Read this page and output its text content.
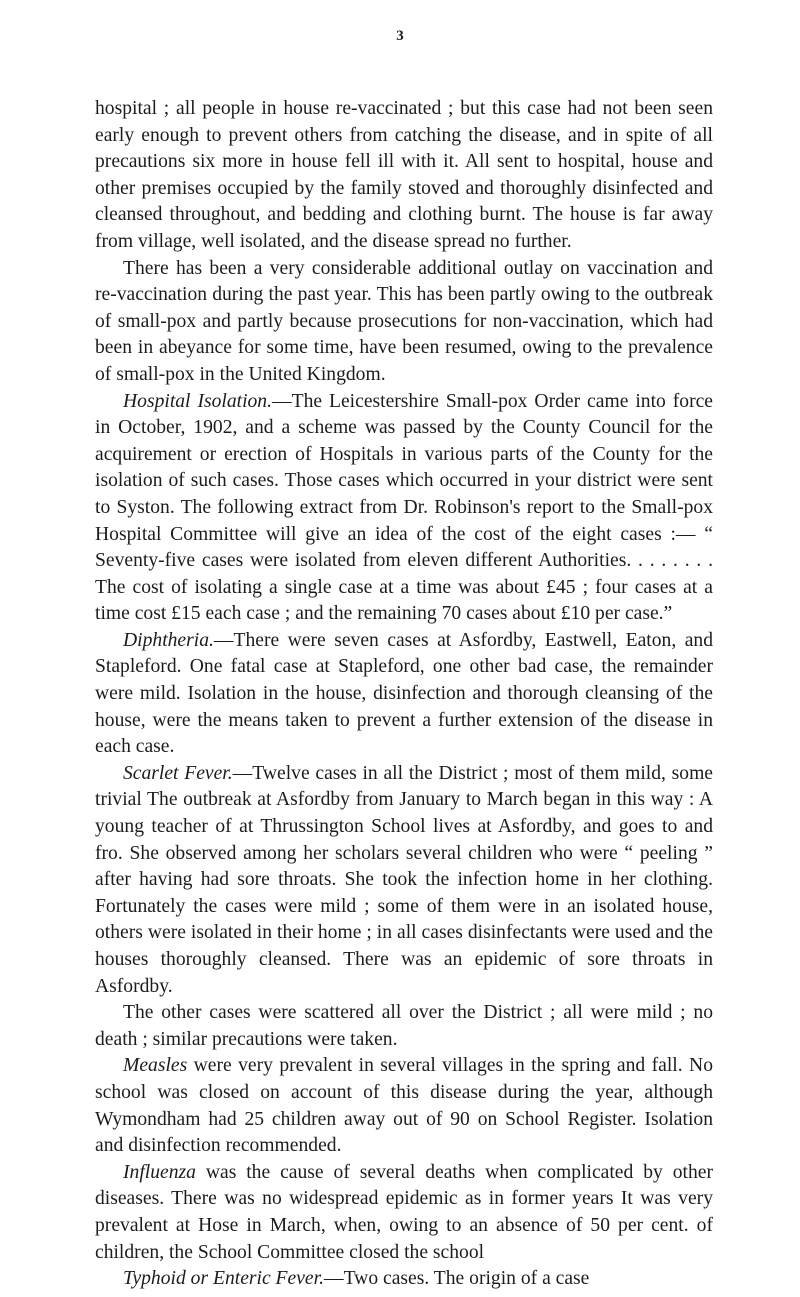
3

hospital ; all people in house re-vaccinated ; but this case had not been seen early enough to prevent others from catching the disease, and in spite of all precautions six more in house fell ill with it. All sent to hospital, house and other premises occupied by the family stoved and thoroughly disinfected and cleansed throughout, and bedding and clothing burnt. The house is far away from village, well isolated, and the disease spread no further.

There has been a very considerable additional outlay on vaccination and re-vaccination during the past year. This has been partly owing to the outbreak of small-pox and partly because prosecutions for non-vaccination, which had been in abeyance for some time, have been resumed, owing to the prevalence of small-pox in the United Kingdom.

Hospital Isolation.—The Leicestershire Small-pox Order came into force in October, 1902, and a scheme was passed by the County Council for the acquirement or erection of Hospitals in various parts of the County for the isolation of such cases. Those cases which occurred in your district were sent to Syston. The following extract from Dr. Robinson's report to the Small-pox Hospital Committee will give an idea of the cost of the eight cases :— “ Seventy-five cases were isolated from eleven different Authorities. . . . . . . . The cost of isolating a single case at a time was about £45 ; four cases at a time cost £15 each case ; and the remaining 70 cases about £10 per case.”

Diphtheria.—There were seven cases at Asfordby, Eastwell, Eaton, and Stapleford. One fatal case at Stapleford, one other bad case, the remainder were mild. Isolation in the house, disinfection and thorough cleansing of the house, were the means taken to prevent a further extension of the disease in each case.

Scarlet Fever.—Twelve cases in all the District ; most of them mild, some trivial The outbreak at Asfordby from January to March began in this way : A young teacher of at Thrussington School lives at Asfordby, and goes to and fro. She observed among her scholars several children who were “ peeling ” after having had sore throats. She took the infection home in her clothing. Fortunately the cases were mild ; some of them were in an isolated house, others were isolated in their home ; in all cases disinfectants were used and the houses thoroughly cleansed. There was an epidemic of sore throats in Asfordby.

The other cases were scattered all over the District ; all were mild ; no death ; similar precautions were taken.

Measles were very prevalent in several villages in the spring and fall. No school was closed on account of this disease during the year, although Wymondham had 25 children away out of 90 on School Register. Isolation and disinfection recommended.

Influenza was the cause of several deaths when complicated by other diseases. There was no widespread epidemic as in former years It was very prevalent at Hose in March, when, owing to an absence of 50 per cent. of children, the School Committee closed the school

Typhoid or Enteric Fever.—Two cases. The origin of a case
